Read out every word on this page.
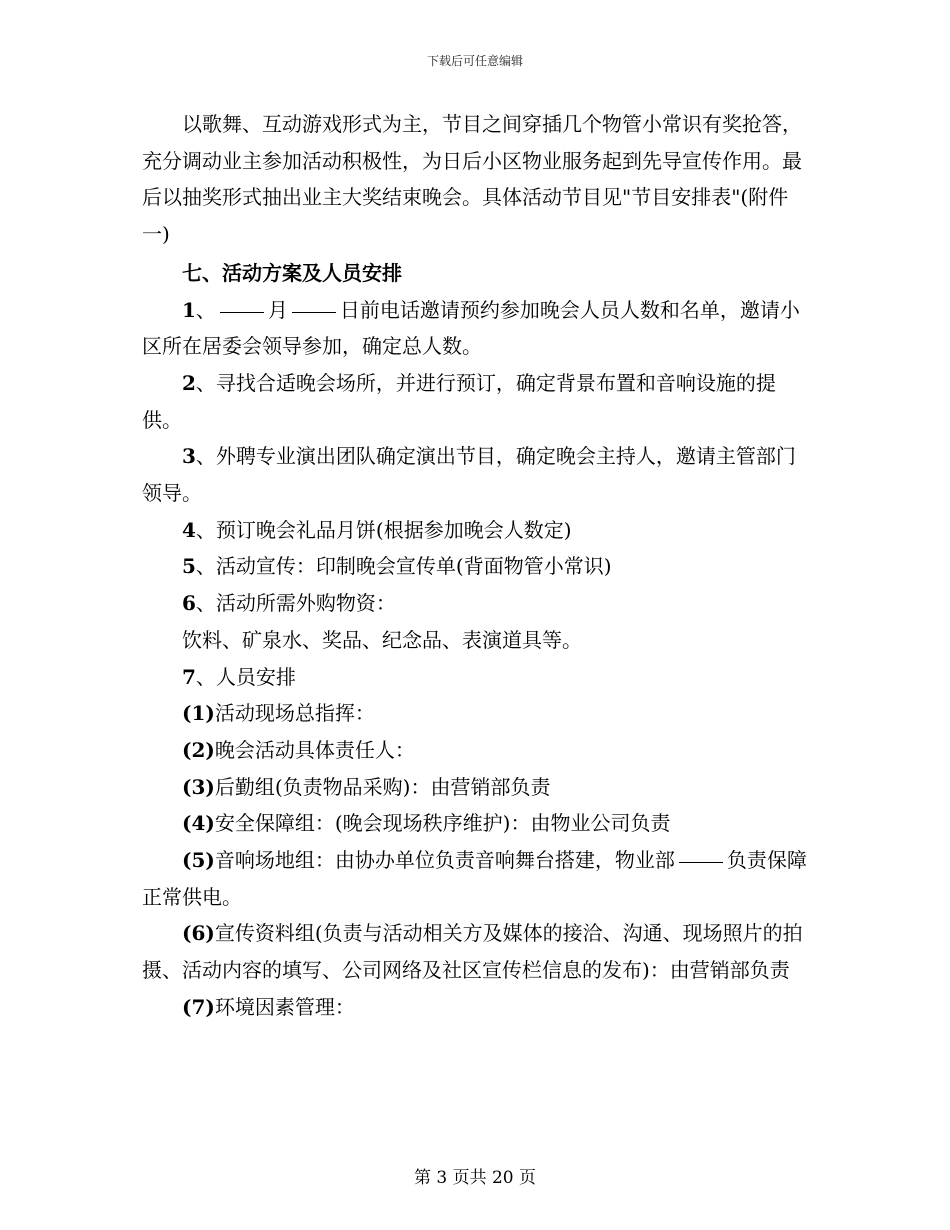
下载后可任意编辑

以歌舞、互动游戏形式为主，节目之间穿插几个物管小常识有奖抢答，充分调动业主参加活动积极性，为日后小区物业服务起到先导宣传作用。最后以抽奖形式抽出业主大奖结束晚会。具体活动节目见"节目安排表"(附件一)

七、活动方案及人员安排

1、	月	日前电话邀请预约参加晚会人员人数和名单，邀请小区所在居委会领导参加，确定总人数。

2、寻找合适晚会场所，并进行预订，确定背景布置和音响设施的提供。

3、外聘专业演出团队确定演出节目，确定晚会主持人，邀请主管部门领导。

4、预订晚会礼品月饼(根据参加晚会人数定)

5、活动宣传：印制晚会宣传单(背面物管小常识)

6、活动所需外购物资：

饮料、矿泉水、奖品、纪念品、表演道具等。

7、人员安排

(1)活动现场总指挥：

(2)晚会活动具体责任人：

(3)后勤组(负责物品采购)：由营销部负责

(4)安全保障组：(晚会现场秩序维护)：由物业公司负责

(5)音响场地组：由协办单位负责音响舞台搭建，物业部	负责保障正常供电。

(6)宣传资料组(负责与活动相关方及媒体的接洽、沟通、现场照片的拍摄、活动内容的填写、公司网络及社区宣传栏信息的发布)：由营销部负责

(7)环境因素管理：

第 3 页共 20 页
